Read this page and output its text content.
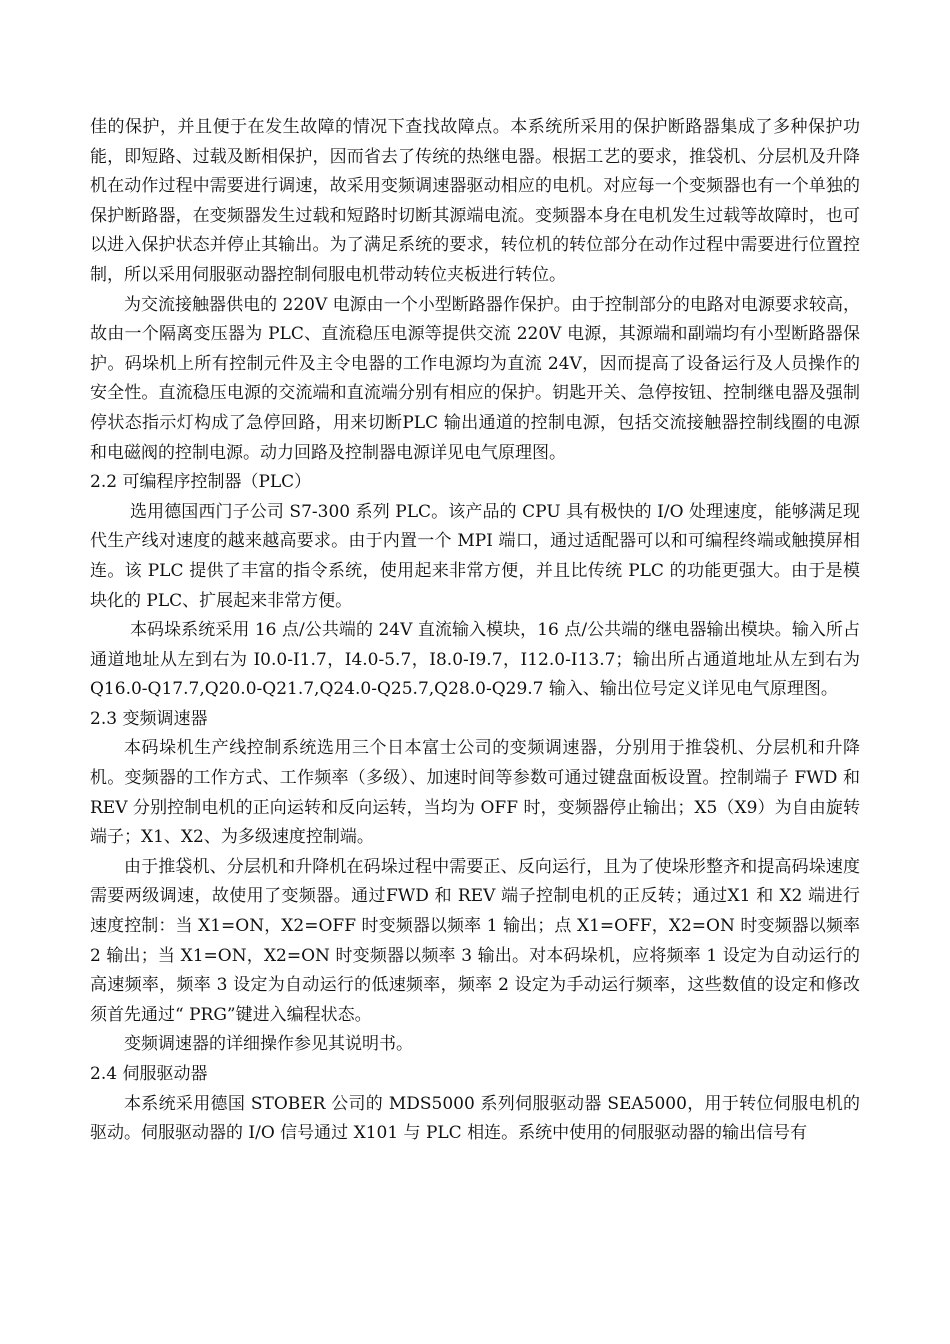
佳的保护，并且便于在发生故障的情况下查找故障点。本系统所采用的保护断路器集成了多种保护功能，即短路、过载及断相保护，因而省去了传统的热继电器。根据工艺的要求，推袋机、分层机及升降机在动作过程中需要进行调速，故采用变频调速器驱动相应的电机。对应每一个变频器也有一个单独的保护断路器，在变频器发生过载和短路时切断其源端电流。变频器本身在电机发生过载等故障时，也可以进入保护状态并停止其输出。为了满足系统的要求，转位机的转位部分在动作过程中需要进行位置控制，所以采用伺服驱动器控制伺服电机带动转位夹板进行转位。

为交流接触器供电的 220V 电源由一个小型断路器作保护。由于控制部分的电路对电源要求较高，故由一个隔离变压器为 PLC、直流稳压电源等提供交流 220V 电源，其源端和副端均有小型断路器保护。码垛机上所有控制元件及主令电器的工作电源均为直流 24V，因而提高了设备运行及人员操作的安全性。直流稳压电源的交流端和直流端分别有相应的保护。钥匙开关、急停按钮、控制继电器及强制停状态指示灯构成了急停回路，用来切断PLC 输出通道的控制电源，包括交流接触器控制线圈的电源和电磁阀的控制电源。动力回路及控制器电源详见电气原理图。

2.2 可编程序控制器（PLC）

选用德国西门子公司 S7-300 系列 PLC。该产品的 CPU 具有极快的 I/O 处理速度，能够满足现代生产线对速度的越来越高要求。由于内置一个 MPI 端口，通过适配器可以和可编程终端或触摸屏相连。该 PLC 提供了丰富的指令系统，使用起来非常方便，并且比传统 PLC 的功能更强大。由于是模块化的 PLC、扩展起来非常方便。

本码垛系统采用 16 点/公共端的 24V 直流输入模块，16 点/公共端的继电器输出模块。输入所占通道地址从左到右为 I0.0-I1.7，I4.0-5.7，I8.0-I9.7，I12.0-I13.7；输出所占通道地址从左到右为 Q16.0-Q17.7,Q20.0-Q21.7,Q24.0-Q25.7,Q28.0-Q29.7 输入、输出位号定义详见电气原理图。

2.3 变频调速器

本码垛机生产线控制系统选用三个日本富士公司的变频调速器，分别用于推袋机、分层机和升降机。变频器的工作方式、工作频率（多级）、加速时间等参数可通过键盘面板设置。控制端子 FWD 和 REV 分别控制电机的正向运转和反向运转，当均为 OFF 时，变频器停止输出；X5（X9）为自由旋转端子；X1、X2、为多级速度控制端。

由于推袋机、分层机和升降机在码垛过程中需要正、反向运行，且为了使垛形整齐和提高码垛速度需要两级调速，故使用了变频器。通过FWD 和 REV 端子控制电机的正反转；通过X1 和 X2 端进行速度控制：当 X1=ON，X2=OFF 时变频器以频率 1 输出；点 X1=OFF，X2=ON 时变频器以频率 2 输出；当 X1=ON，X2=ON 时变频器以频率 3 输出。对本码垛机，应将频率 1 设定为自动运行的高速频率，频率 3 设定为自动运行的低速频率，频率 2 设定为手动运行频率，这些数值的设定和修改须首先通过“ PRG”键进入编程状态。

变频调速器的详细操作参见其说明书。

2.4 伺服驱动器

本系统采用德国 STOBER 公司的 MDS5000 系列伺服驱动器 SEA5000，用于转位伺服电机的驱动。伺服驱动器的 I/O 信号通过 X101 与 PLC 相连。系统中使用的伺服驱动器的输出信号有
